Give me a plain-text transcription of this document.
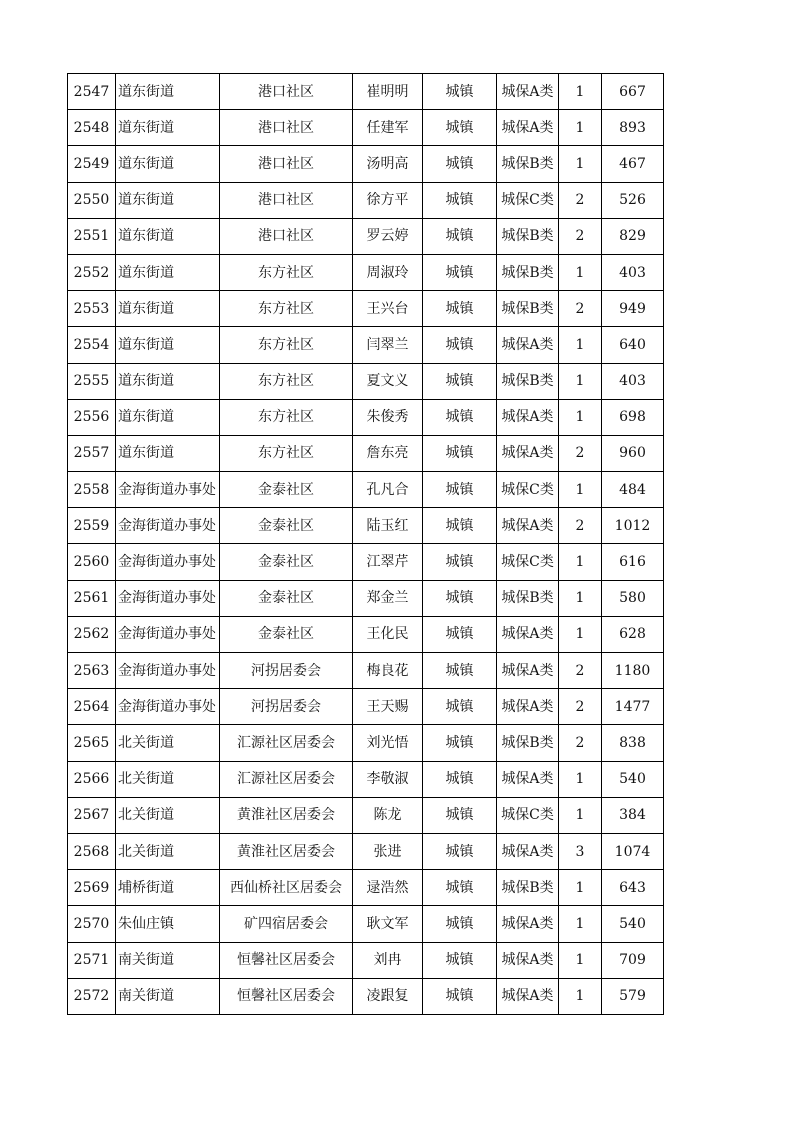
2547	道东街道	港口社区	崔明明	城镇	城保A类	1	667
2548	道东街道	港口社区	任建军	城镇	城保A类	1	893
2549	道东街道	港口社区	汤明高	城镇	城保B类	1	467
2550	道东街道	港口社区	徐方平	城镇	城保C类	2	526
2551	道东街道	港口社区	罗云婷	城镇	城保B类	2	829
2552	道东街道	东方社区	周淑玲	城镇	城保B类	1	403
2553	道东街道	东方社区	王兴台	城镇	城保B类	2	949
2554	道东街道	东方社区	闫翠兰	城镇	城保A类	1	640
2555	道东街道	东方社区	夏文义	城镇	城保B类	1	403
2556	道东街道	东方社区	朱俊秀	城镇	城保A类	1	698
2557	道东街道	东方社区	詹东亮	城镇	城保A类	2	960
2558	金海街道办事处	金泰社区	孔凡合	城镇	城保C类	1	484
2559	金海街道办事处	金泰社区	陆玉红	城镇	城保A类	2	1012
2560	金海街道办事处	金泰社区	江翠芹	城镇	城保C类	1	616
2561	金海街道办事处	金泰社区	郑金兰	城镇	城保B类	1	580
2562	金海街道办事处	金泰社区	王化民	城镇	城保A类	1	628
2563	金海街道办事处	河拐居委会	梅良花	城镇	城保A类	2	1180
2564	金海街道办事处	河拐居委会	王天赐	城镇	城保A类	2	1477
2565	北关街道	汇源社区居委会	刘光悟	城镇	城保B类	2	838
2566	北关街道	汇源社区居委会	李敬淑	城镇	城保A类	1	540
2567	北关街道	黄淮社区居委会	陈龙	城镇	城保C类	1	384
2568	北关街道	黄淮社区居委会	张进	城镇	城保A类	3	1074
2569	埔桥街道	西仙桥社区居委会	逯浩然	城镇	城保B类	1	643
2570	朱仙庄镇	矿四宿居委会	耿文军	城镇	城保A类	1	540
2571	南关街道	恒馨社区居委会	刘冉	城镇	城保A类	1	709
2572	南关街道	恒馨社区居委会	凌跟复	城镇	城保A类	1	579
